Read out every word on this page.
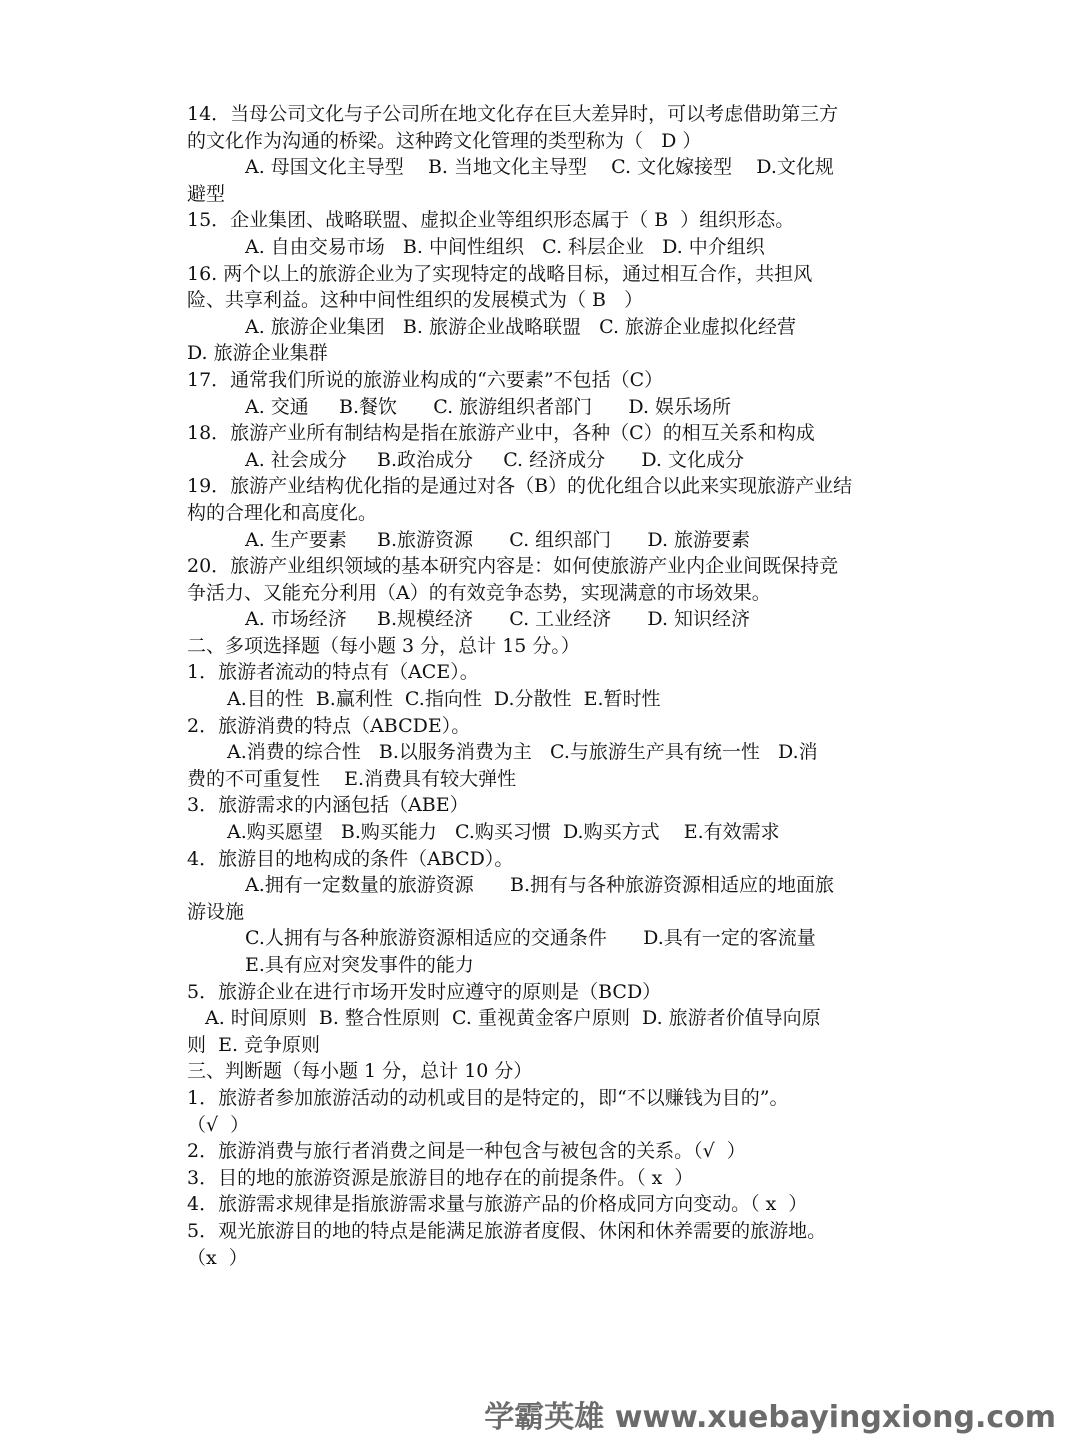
14．当母公司文化与子公司所在地文化存在巨大差异时，可以考虑借助第三方
的文化作为沟通的桥梁。这种跨文化管理的类型称为（   D ）
A. 母国文化主导型    B. 当地文化主导型    C. 文化嫁接型    D.文化规
避型
15．企业集团、战略联盟、虚拟企业等组织形态属于（ B  ）组织形态。
A. 自由交易市场   B. 中间性组织   C. 科层企业   D. 中介组织
16. 两个以上的旅游企业为了实现特定的战略目标，通过相互合作，共担风
险、共享利益。这种中间性组织的发展模式为（ B   ）
A. 旅游企业集团   B. 旅游企业战略联盟   C. 旅游企业虚拟化经营
D. 旅游企业集群
17．通常我们所说的旅游业构成的“六要素”不包括（C）
A. 交通     B.餐饮      C. 旅游组织者部门      D. 娱乐场所
18．旅游产业所有制结构是指在旅游产业中，各种（C）的相互关系和构成
A. 社会成分     B.政治成分     C. 经济成分      D. 文化成分
19．旅游产业结构优化指的是通过对各（B）的优化组合以此来实现旅游产业结
构的合理化和高度化。
A. 生产要素     B.旅游资源      C. 组织部门      D. 旅游要素
20．旅游产业组织领域的基本研究内容是：如何使旅游产业内企业间既保持竞
争活力、又能充分利用（A）的有效竞争态势，实现满意的市场效果。
A. 市场经济     B.规模经济      C. 工业经济      D. 知识经济
二、多项选择题（每小题 3 分，总计 15 分。）
1．旅游者流动的特点有（ACE）。
A.目的性  B.赢利性  C.指向性  D.分散性  E.暂时性
2．旅游消费的特点（ABCDE）。
A.消费的综合性   B.以服务消费为主   C.与旅游生产具有统一性   D.消
费的不可重复性    E.消费具有较大弹性
3．旅游需求的内涵包括（ABE）
A.购买愿望   B.购买能力   C.购买习惯  D.购买方式    E.有效需求
4．旅游目的地构成的条件（ABCD）。
A.拥有一定数量的旅游资源      B.拥有与各种旅游资源相适应的地面旅
游设施
C.人拥有与各种旅游资源相适应的交通条件      D.具有一定的客流量
E.具有应对突发事件的能力
5．旅游企业在进行市场开发时应遵守的原则是（BCD）
A. 时间原则  B. 整合性原则  C. 重视黄金客户原则  D. 旅游者价值导向原
则  E. 竞争原则
三、判断题（每小题 1 分，总计 10 分）
1．旅游者参加旅游活动的动机或目的是特定的，即“不以赚钱为目的”。
（√  ）
2．旅游消费与旅行者消费之间是一种包含与被包含的关系。（√  ）
3．目的地的旅游资源是旅游目的地存在的前提条件。（ x  ）
4．旅游需求规律是指旅游需求量与旅游产品的价格成同方向变动。（ x  ）
5．观光旅游目的地的特点是能满足旅游者度假、休闲和休养需要的旅游地。
（x  ）
学霸英雄 www.xuebayingxiong.com
